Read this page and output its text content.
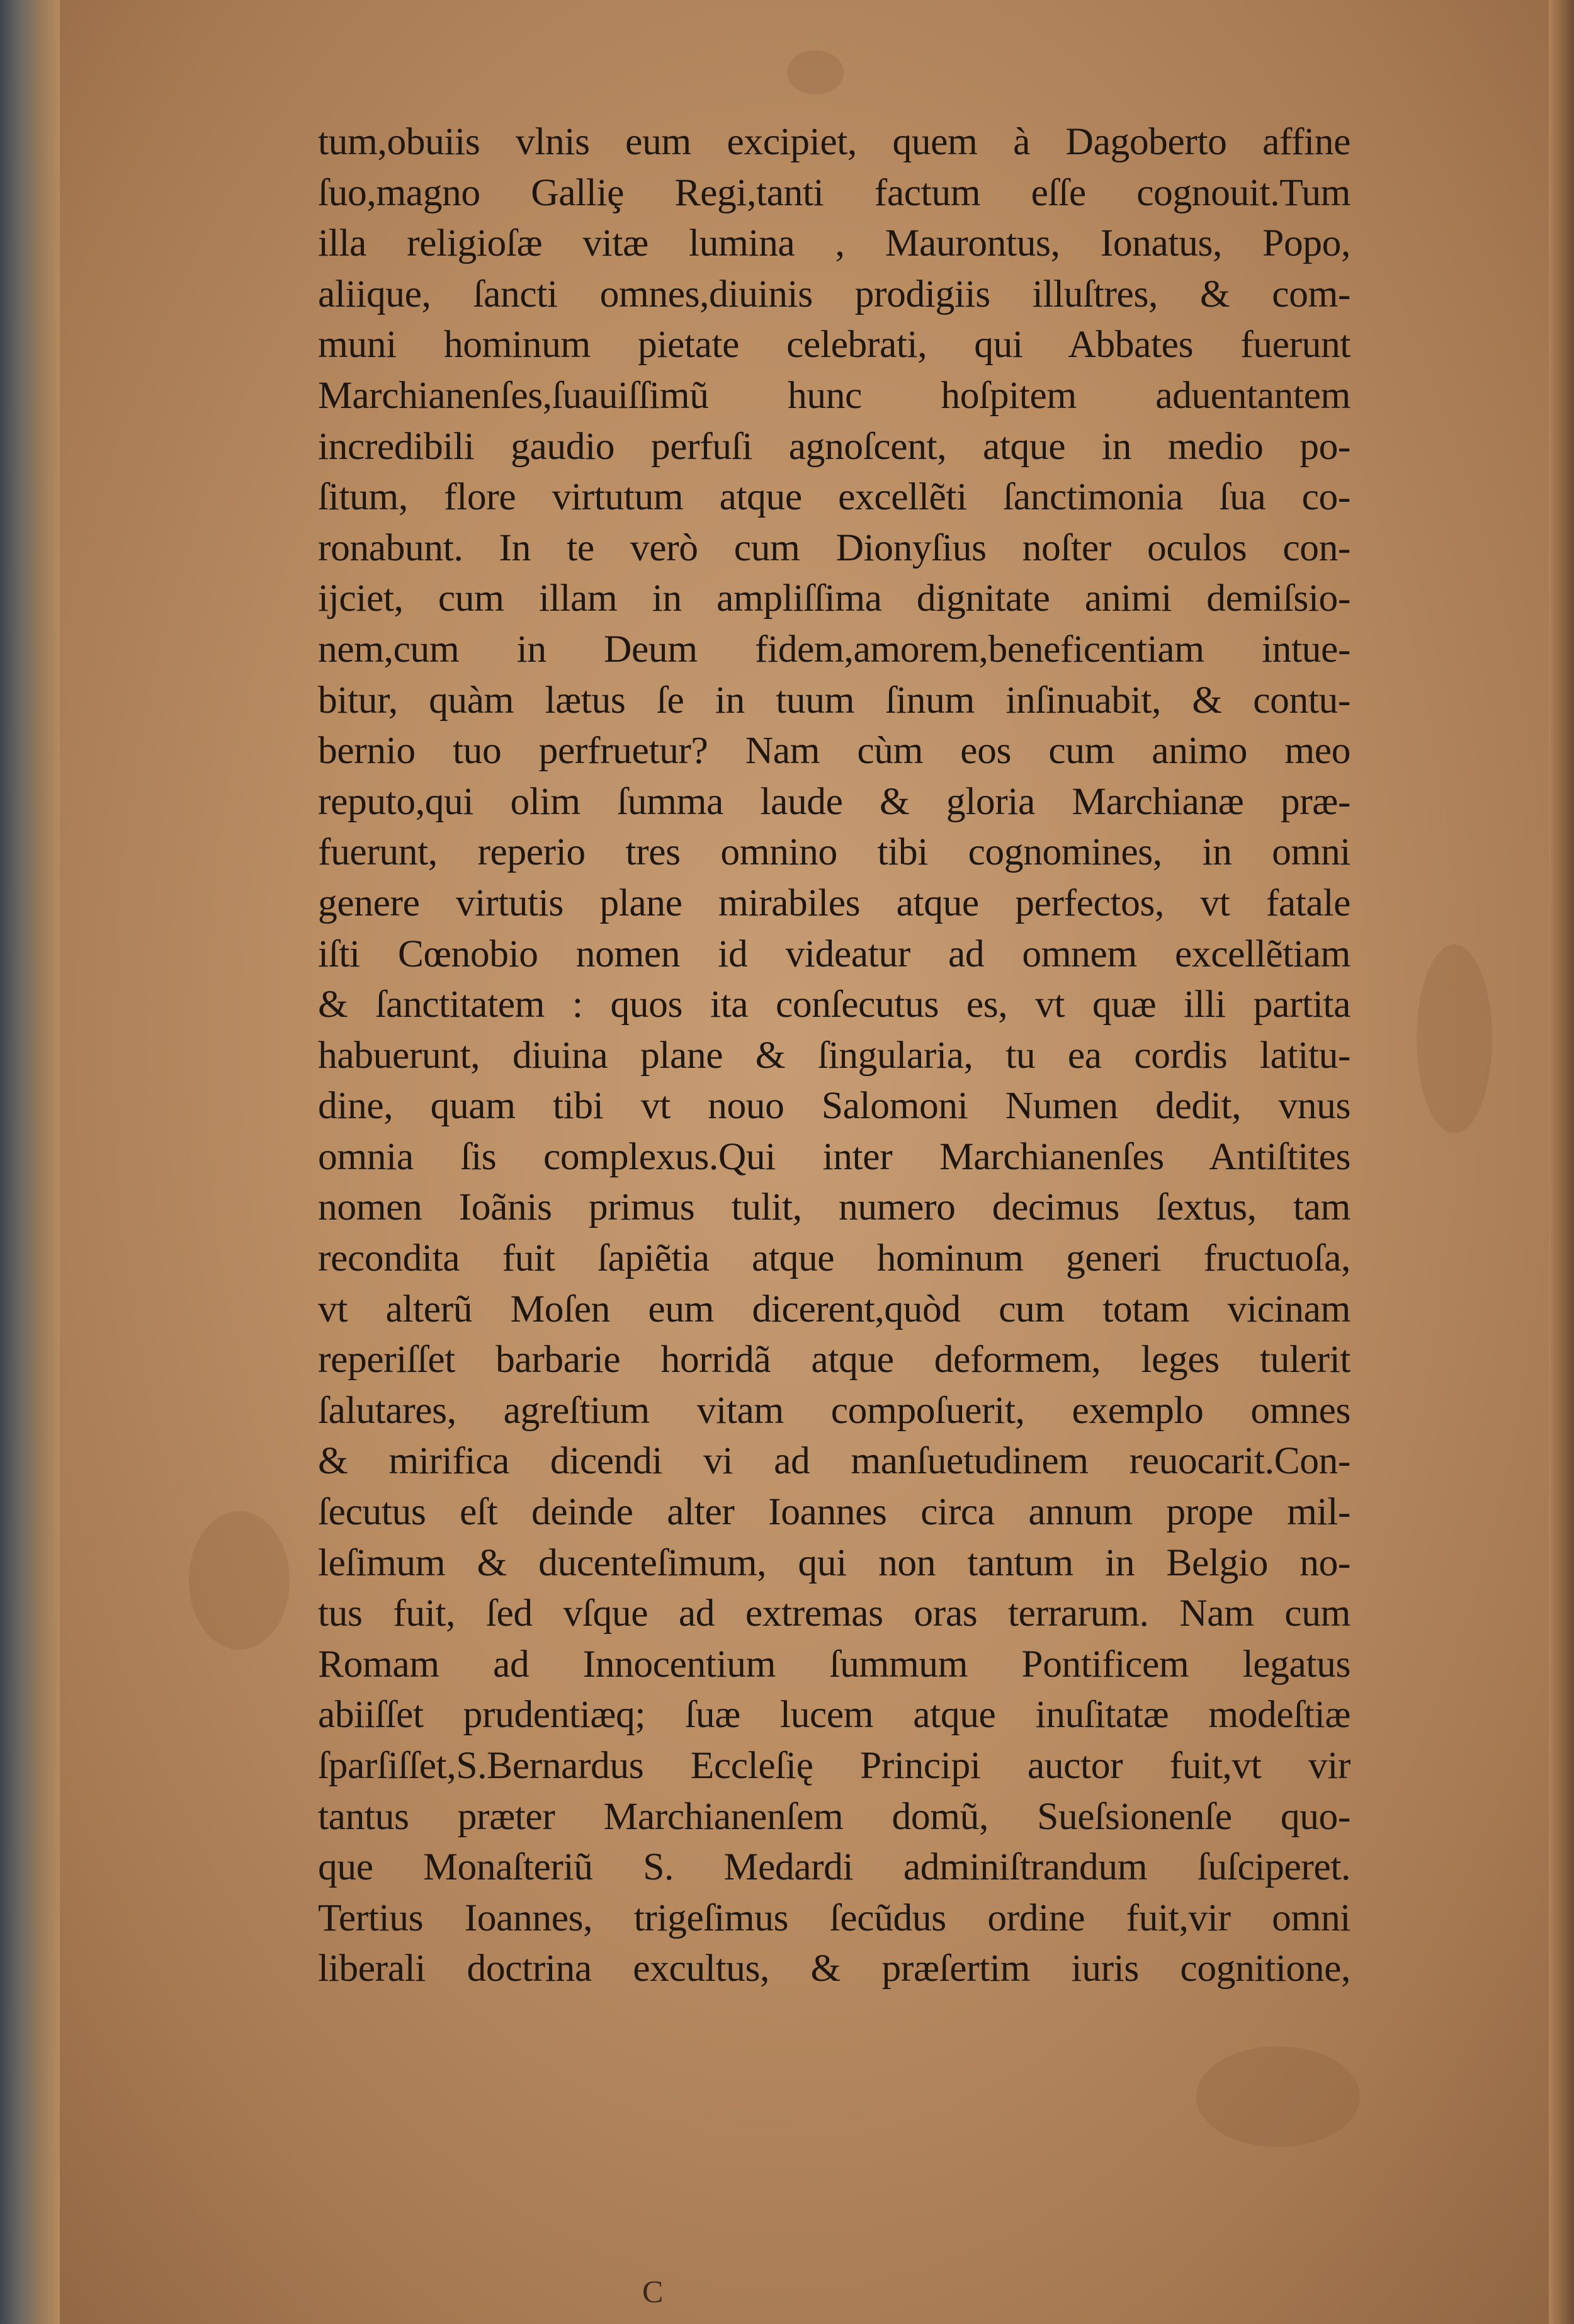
tum,obuiis vlnis eum excipiet, quem à Dagoberto affine
ſuo,magno Galliȩ Regi,tanti factum eſſe cognouit.Tum
illa religioſæ vitæ lumina , Maurontus, Ionatus, Popo,
aliique, ſancti omnes,diuinis prodigiis illuſtres, & com-
muni hominum pietate celebrati, qui Abbates fuerunt
Marchianenſes,ſuauiſſimũ hunc hoſpitem aduentantem
incredibili gaudio perfuſi agnoſcent, atque in medio po-
ſitum, flore virtutum atque excellẽti ſanctimonia ſua co-
ronabunt. In te verò cum Dionyſius noſter oculos con-
ijciet, cum illam in ampliſſima dignitate animi demiſsio-
nem,cum in Deum fidem,amorem,beneficentiam intue-
bitur, quàm lætus ſe in tuum ſinum inſinuabit, & contu-
bernio tuo perfruetur? Nam cùm eos cum animo meo
reputo,qui olim ſumma laude & gloria Marchianæ præ-
fuerunt, reperio tres omnino tibi cognomines, in omni
genere virtutis plane mirabiles atque perfectos, vt fatale
iſti Cœnobio nomen id videatur ad omnem excellẽtiam
& ſanctitatem : quos ita conſecutus es, vt quæ illi partita
habuerunt, diuina plane & ſingularia, tu ea cordis latitu-
dine, quam tibi vt nouo Salomoni Numen dedit, vnus
omnia ſis complexus.Qui inter Marchianenſes Antiſtites
nomen Ioãnis primus tulit, numero decimus ſextus, tam
recondita fuit ſapiẽtia atque hominum generi fructuoſa,
vt alterũ Moſen eum dicerent,quòd cum totam vicinam
reperiſſet barbarie horridã atque deformem, leges tulerit
ſalutares, agreſtium vitam compoſuerit, exemplo omnes
& mirifica dicendi vi ad manſuetudinem reuocarit.Con-
ſecutus eſt deinde alter Ioannes circa annum prope mil-
leſimum & ducenteſimum, qui non tantum in Belgio no-
tus fuit, ſed vſque ad extremas oras terrarum. Nam cum
Romam ad Innocentium ſummum Pontificem legatus
abiiſſet prudentiæq; ſuæ lucem atque inuſitatæ modeſtiæ
ſparſiſſet,S.Bernardus Eccleſię Principi auctor fuit,vt vir
tantus præter Marchianenſem domũ, Sueſsionenſe quo-
que Monaſteriũ S. Medardi adminiſtrandum ſuſciperet.
Tertius Ioannes, trigeſimus ſecũdus ordine fuit,vir omni
liberali doctrina excultus, & præſertim iuris cognitione,
C
